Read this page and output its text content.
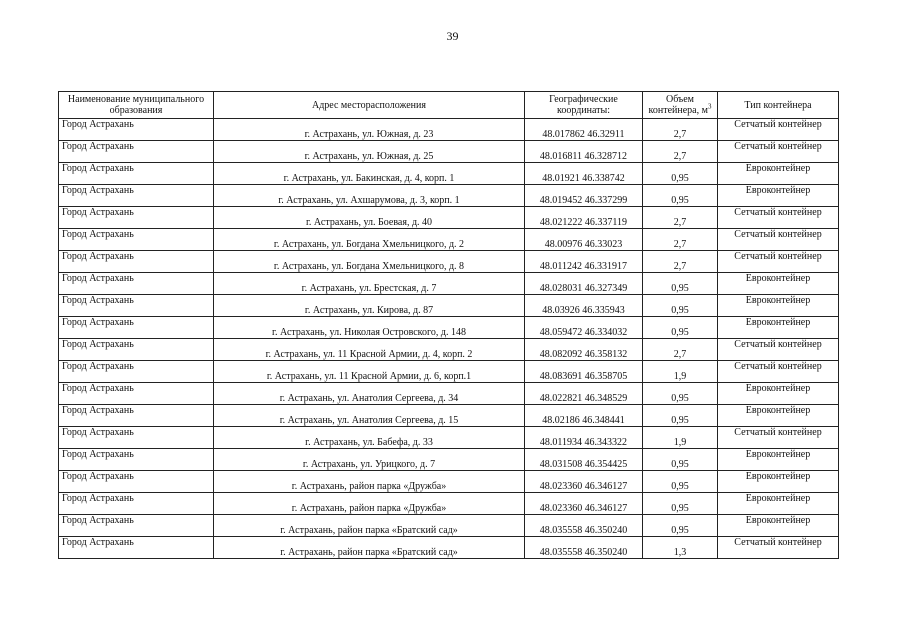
39
Наименование муниципального образования	Адрес месторасположения	Географические координаты:	Объем контейнера, $м^3$	Тип контейнера
Город Астрахань	г. Астрахань, ул. Южная, д. 23	48.017862 46.32911	2,7	Сетчатый контейнер
Город Астрахань	г. Астрахань, ул. Южная, д. 25	48.016811 46.328712	2,7	Сетчатый контейнер
Город Астрахань	г. Астрахань, ул. Бакинская, д. 4, корп. 1	48.01921 46.338742	0,95	Евроконтейнер
Город Астрахань	г. Астрахань, ул. Ахшарумова, д. 3, корп. 1	48.019452 46.337299	0,95	Евроконтейнер
Город Астрахань	г. Астрахань, ул. Боевая, д. 40	48.021222 46.337119	2,7	Сетчатый контейнер
Город Астрахань	г. Астрахань, ул. Богдана Хмельницкого, д. 2	48.00976 46.33023	2,7	Сетчатый контейнер
Город Астрахань	г. Астрахань, ул. Богдана Хмельницкого, д. 8	48.011242 46.331917	2,7	Сетчатый контейнер
Город Астрахань	г. Астрахань, ул. Брестская, д. 7	48.028031 46.327349	0,95	Евроконтейнер
Город Астрахань	г. Астрахань, ул. Кирова, д. 87	48.03926 46.335943	0,95	Евроконтейнер
Город Астрахань	г. Астрахань, ул. Николая Островского, д. 148	48.059472 46.334032	0,95	Евроконтейнер
Город Астрахань	г. Астрахань, ул. 11 Красной Армии, д. 4, корп. 2	48.082092 46.358132	2,7	Сетчатый контейнер
Город Астрахань	г. Астрахань, ул. 11 Красной Армии, д. 6, корп.1	48.083691 46.358705	1,9	Сетчатый контейнер
Город Астрахань	г. Астрахань, ул. Анатолия Сергеева, д. 34	48.022821 46.348529	0,95	Евроконтейнер
Город Астрахань	г. Астрахань, ул. Анатолия Сергеева, д. 15	48.02186 46.348441	0,95	Евроконтейнер
Город Астрахань	г. Астрахань, ул. Бабефа, д. 33	48.011934 46.343322	1,9	Сетчатый контейнер
Город Астрахань	г. Астрахань, ул. Урицкого, д. 7	48.031508 46.354425	0,95	Евроконтейнер
Город Астрахань	г. Астрахань, район парка «Дружба»	48.023360 46.346127	0,95	Евроконтейнер
Город Астрахань	г. Астрахань, район парка «Дружба»	48.023360 46.346127	0,95	Евроконтейнер
Город Астрахань	г. Астрахань, район парка «Братский сад»	48.035558 46.350240	0,95	Евроконтейнер
Город Астрахань	г. Астрахань, район парка «Братский сад»	48.035558 46.350240	1,3	Сетчатый контейнер
